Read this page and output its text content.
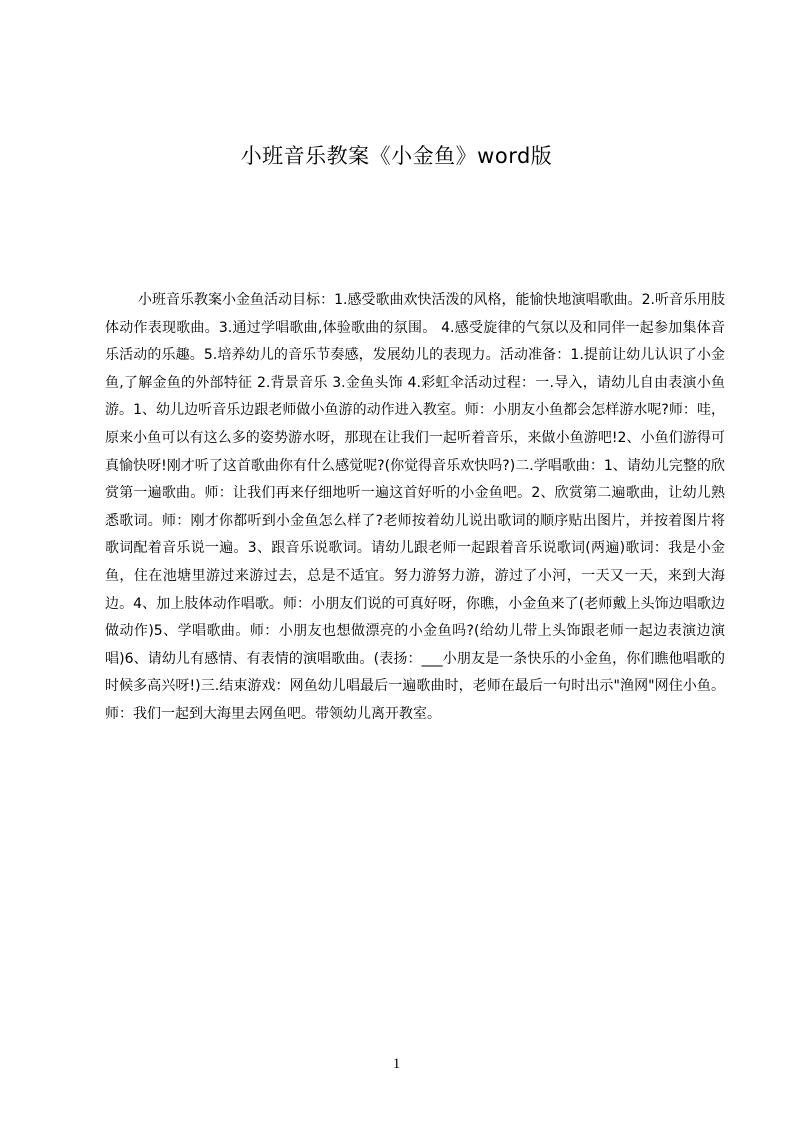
小班音乐教案《小金鱼》word版

小班音乐教案小金鱼活动目标：1.感受歌曲欢快活泼的风格，能愉快地演唱歌曲。2.听音乐用肢体动作表现歌曲。3.通过学唱歌曲,体验歌曲的氛围。 4.感受旋律的气氛以及和同伴一起参加集体音乐活动的乐趣。5.培养幼儿的音乐节奏感，发展幼儿的表现力。活动准备：1.提前让幼儿认识了小金鱼,了解金鱼的外部特征 2.背景音乐 3.金鱼头饰 4.彩虹伞活动过程：一.导入，请幼儿自由表演小鱼游。1、幼儿边听音乐边跟老师做小鱼游的动作进入教室。师：小朋友小鱼都会怎样游水呢?师：哇，原来小鱼可以有这么多的姿势游水呀，那现在让我们一起听着音乐，来做小鱼游吧!2、小鱼们游得可真愉快呀!刚才听了这首歌曲你有什么感觉呢?(你觉得音乐欢快吗?)二.学唱歌曲：1、请幼儿完整的欣赏第一遍歌曲。师：让我们再来仔细地听一遍这首好听的小金鱼吧。2、欣赏第二遍歌曲，让幼儿熟悉歌词。师：刚才你都听到小金鱼怎么样了?老师按着幼儿说出歌词的顺序贴出图片，并按着图片将歌词配着音乐说一遍。3、跟音乐说歌词。请幼儿跟老师一起跟着音乐说歌词(两遍)歌词：我是小金鱼，住在池塘里游过来游过去，总是不适宜。努力游努力游，游过了小河，一天又一天，来到大海边。4、加上肢体动作唱歌。师：小朋友们说的可真好呀，你瞧，小金鱼来了(老师戴上头饰边唱歌边做动作)5、学唱歌曲。师：小朋友也想做漂亮的小金鱼吗?(给幼儿带上头饰跟老师一起边表演边演唱)6、请幼儿有感情、有表情的演唱歌曲。(表扬：___小朋友是一条快乐的小金鱼，你们瞧他唱歌的时候多高兴呀!)三.结束游戏：网鱼幼儿唱最后一遍歌曲时，老师在最后一句时出示"渔网"网住小鱼。师：我们一起到大海里去网鱼吧。带领幼儿离开教室。

1
